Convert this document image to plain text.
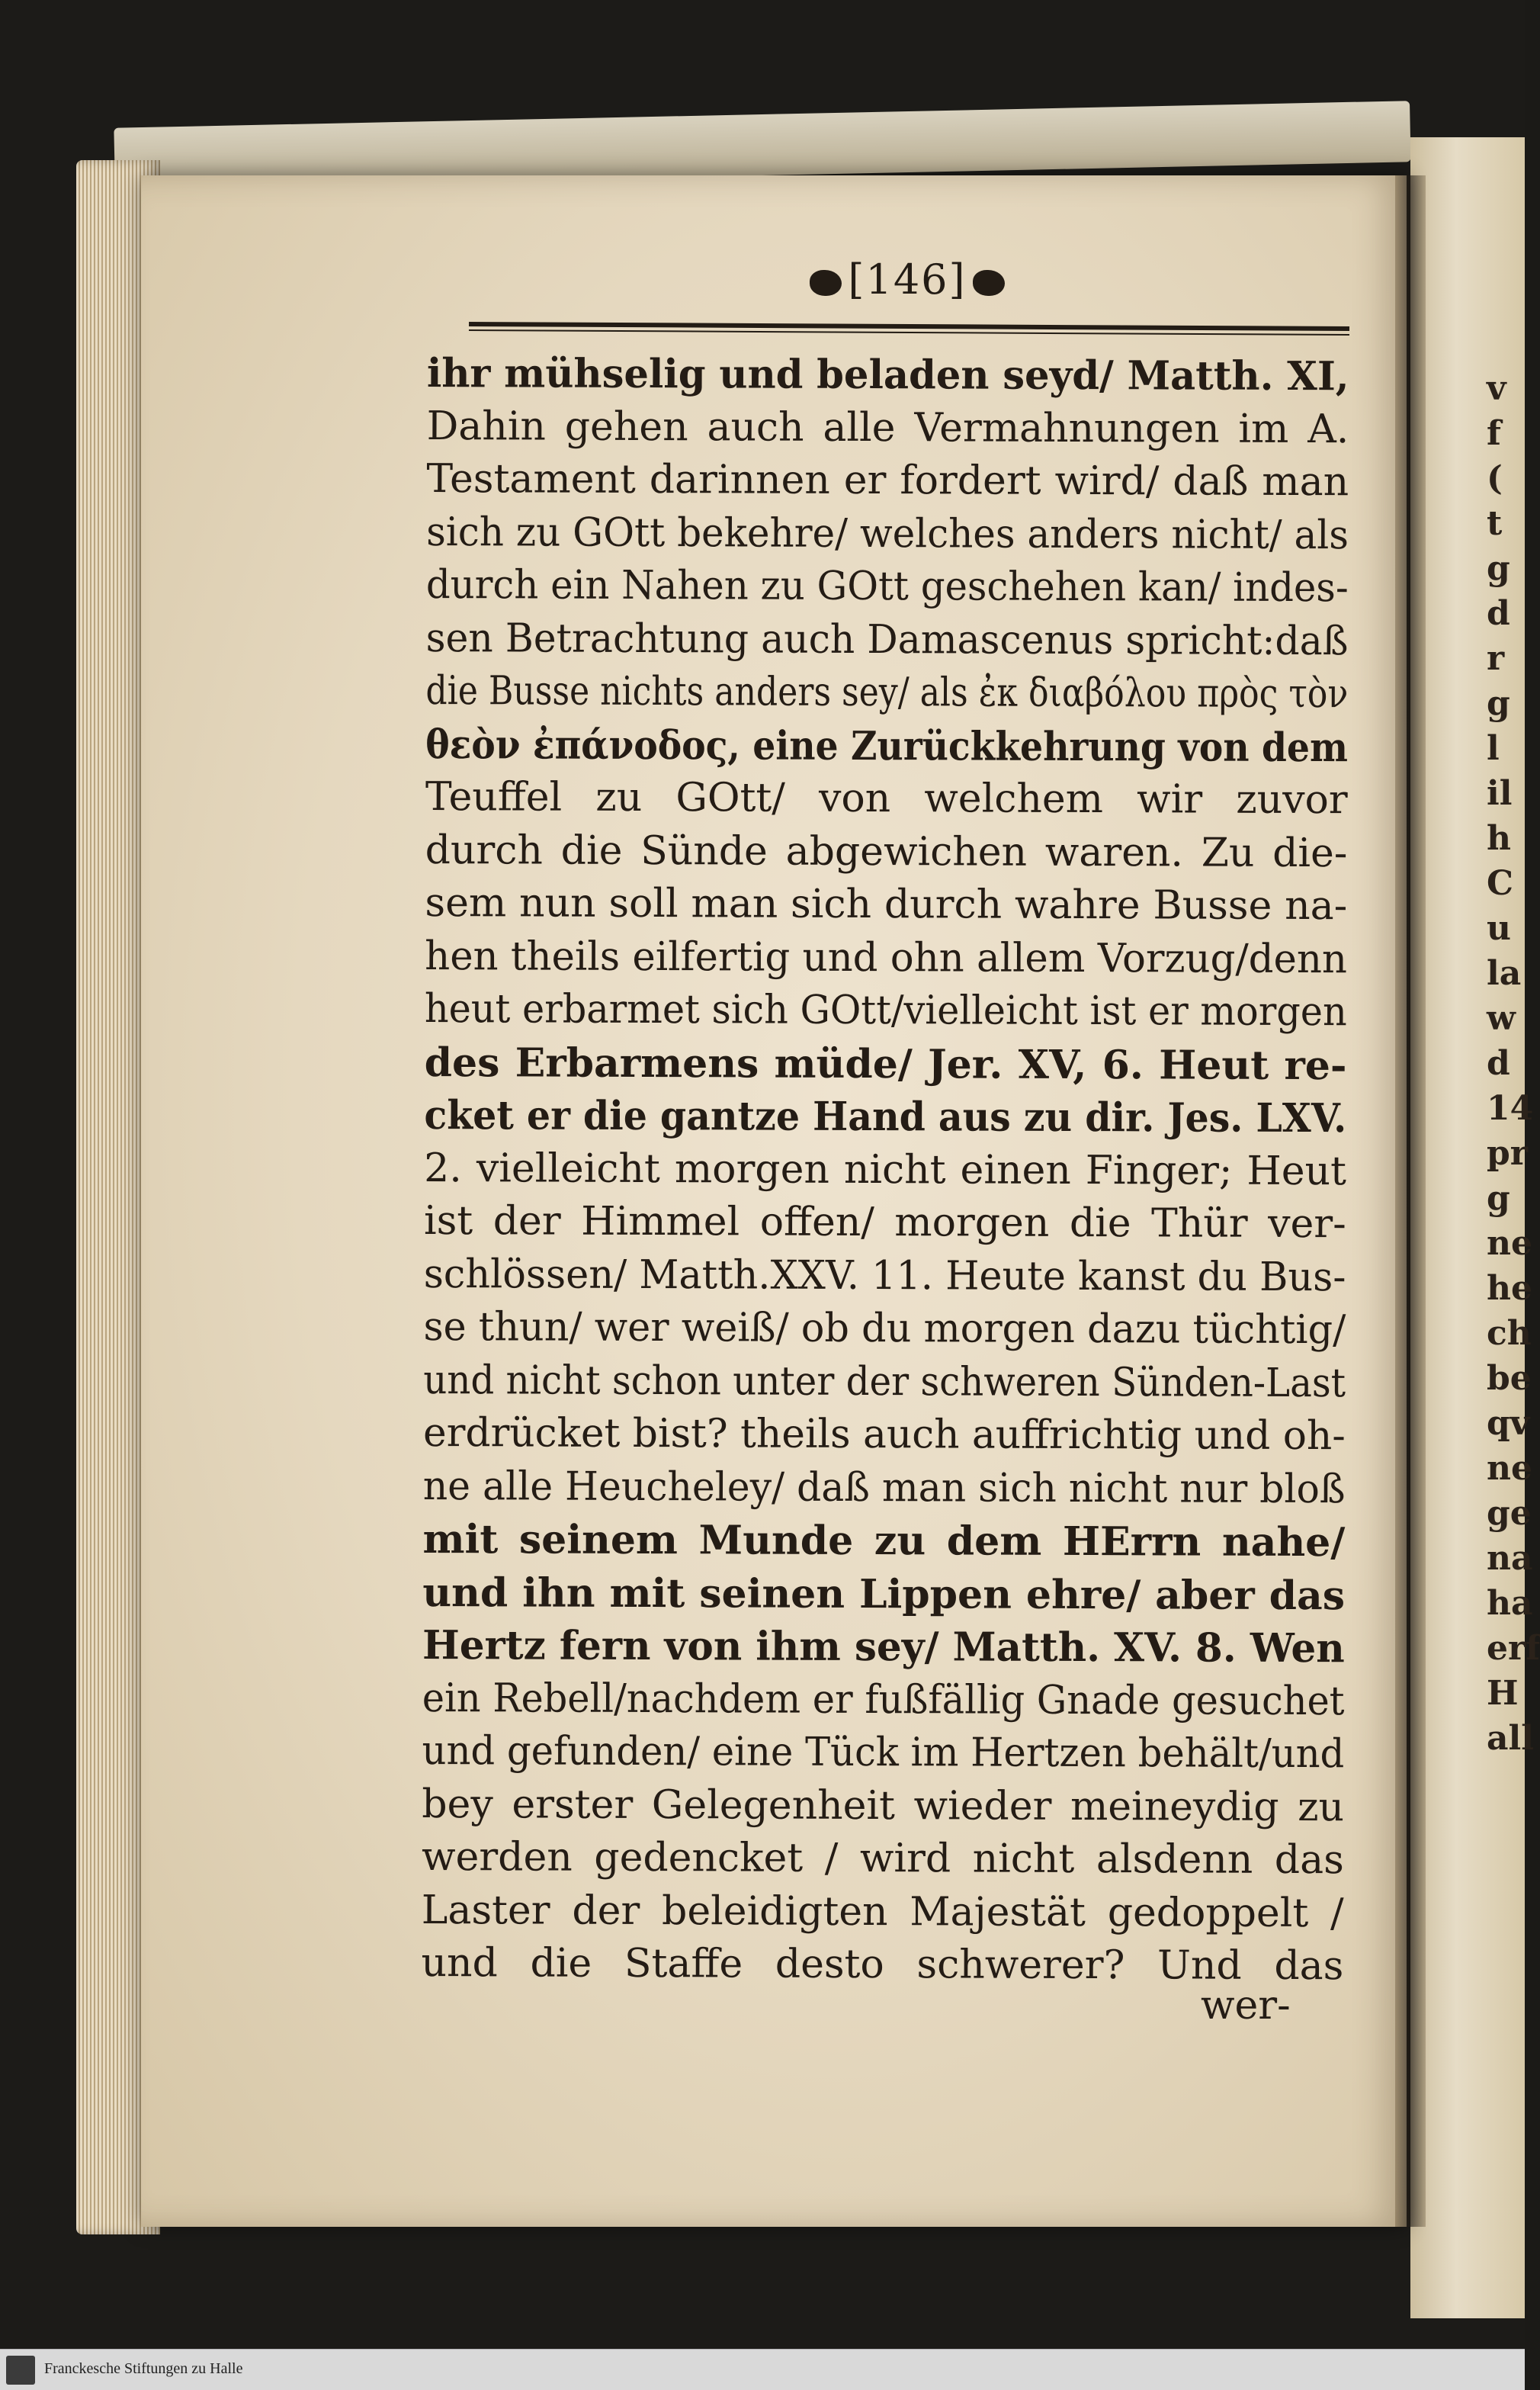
v
f
(
t
g
d
r
g
l
il
h
C
u
la
w
d
14
pr
g
ne
he
ch
be
qv
ne
ge
na
ha
erf
H
all
[146]
ihr mühselig und beladen seyd/ Matth. XI,
Dahin gehen auch alle Vermahnungen im A.
Testament darinnen er fordert wird/ daß man
sich zu GOtt bekehre/ welches anders nicht/ als
durch ein Nahen zu GOtt geschehen kan/ indes-
sen Betrachtung auch Damascenus spricht:daß
die Busse nichts anders sey/ als ἐκ διαβόλου πρὸς τὸν
θεὸν ἐπάνοδος, eine Zurückkehrung von dem
Teuffel zu GOtt/ von welchem wir zuvor
durch die Sünde abgewichen waren. Zu die-
sem nun soll man sich durch wahre Busse na-
hen theils eilfertig und ohn allem Vorzug/denn
heut erbarmet sich GOtt/vielleicht ist er morgen
des Erbarmens müde/ Jer. XV, 6. Heut re-
cket er die gantze Hand aus zu dir. Jes. LXV.
2. vielleicht morgen nicht einen Finger; Heut
ist der Himmel offen/ morgen die Thür ver-
schlössen/ Matth.XXV. 11. Heute kanst du Bus-
se thun/ wer weiß/ ob du morgen dazu tüchtig/
und nicht schon unter der schweren Sünden-Last
erdrücket bist? theils auch auffrichtig und oh-
ne alle Heucheley/ daß man sich nicht nur bloß
mit seinem Munde zu dem HErrn nahe/
und ihn mit seinen Lippen ehre/ aber das
Hertz fern von ihm sey/ Matth. XV. 8. Wen
ein Rebell/nachdem er fußfällig Gnade gesuchet
und gefunden/ eine Tück im Hertzen behält/und
bey erster Gelegenheit wieder meineydig zu
werden gedencket / wird nicht alsdenn das
Laster der beleidigten Majestät gedoppelt /
und die Staffe desto schwerer? Und das
wer-
Franckesche Stiftungen zu Halle
